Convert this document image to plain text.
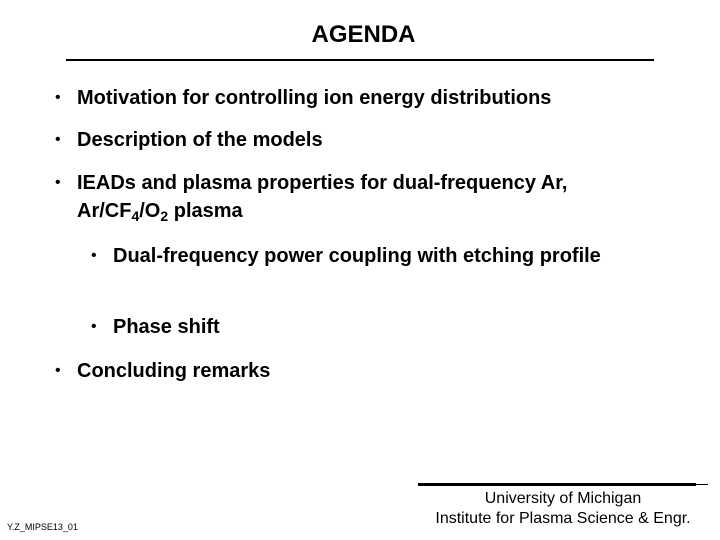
AGENDA
• Motivation for controlling ion energy distributions
• Description of the models
• IEADs and plasma properties for dual-frequency Ar,
$Ar/CF_4/O_2$ plasma
• Dual-frequency power coupling with etching profile
• Phase shift
• Concluding remarks
University of Michigan
Institute for Plasma Science & Engr.
Y.Z_MIPSE13_01
